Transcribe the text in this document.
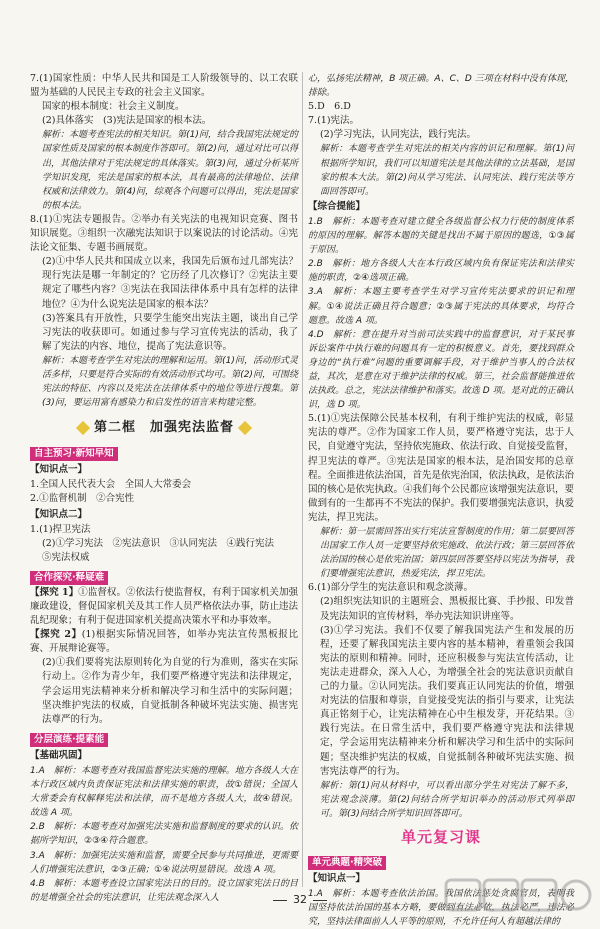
7.(1)国家性质：中华人民共和国是工人阶级领导的、以工农联盟为基础的人民民主专政的社会主义国家。

国家的根本制度：社会主义制度。

(2)具体落实　(3)宪法是国家的根本法。

解析：本题考查宪法的相关知识。第(1)问，结合我国宪法规定的国家性质及国家的根本制度作答即可。第(2)问，通过对比可以得出，其他法律对于宪法规定的具体落实。第(3)问，通过分析某所学知识发现，宪法是国家的根本法，具有最高的法律地位、法律权威和法律效力。第(4)问，综观各个问题可以得出，宪法是国家的根本法。

8.(1)①宪法专题报告。②举办有关宪法的电视知识竞赛、图书知识展览。③组织一次融宪法知识于以案说法的讨论活动。④宪法论文征集、专题书画展览。

(2)①中华人民共和国成立以来，我国先后颁布过几部宪法？现行宪法是哪一年制定的？它历经了几次修订？②宪法主要规定了哪些内容？③宪法在我国法律体系中具有怎样的法律地位？④为什么说宪法是国家的根本法？

(3)答案具有开放性，只要学生能突出宪法主题，谈出自己学习宪法的收获即可。如通过参与学习宣传宪法的活动，我了解了宪法的内容、地位，提高了宪法意识等。

解析：本题考查学生对宪法的理解和运用。第(1)问，活动形式灵活多样，只要是符合实际的有效活动形式均可。第(2)问，可围绕宪法的特征、内容以及宪法在法律体系中的地位等进行搜集。第(3)问，要运用富有感染力和启发性的语言来构建完整。

第二框　加强宪法监督
自主预习·新知早知

【知识点一】

1.全国人民代表大会　全国人大常委会

2.①监督机制　②合宪性

【知识点二】

1.(1)捍卫宪法

(2)①学习宪法　②宪法意识　③认同宪法　④践行宪法

⑤宪法权威

合作探究·释疑难

【探究 1】①监督权。②依法行使监督权，有利于国家机关加强廉政建设，督促国家机关及其工作人员严格依法办事，防止违法乱纪现象；有利于促进国家机关提高决策水平和办事效率。

【探究 2】(1)根据实际情况回答，如举办宪法宣传黑板报比赛、开展辩论赛等。

(2)①我们要将宪法原则转化为自觉的行为准则，落实在实际行动上。②作为青少年，我们要严格遵守宪法和法律规定，学会运用宪法精神来分析和解决学习和生活中的实际问题；坚决维护宪法的权威，自觉抵制各种破坏宪法实施、损害宪法尊严的行为。

分层演练·提素能

【基础巩固】

1.A　解析：本题考查对我国监督宪法实施的理解。地方各级人大在本行政区域内负责保证宪法和法律实施的职责，故①错误；全国人大常委会有权解释宪法和法律，而不是地方各级人大，故④错误。故选 A 项。

2.B　解析：本题考查对加强宪法实施和监督制度的要求的认识。依据所学知识，②③④符合题意。

3.A　解析：加强宪法实施和监督，需要全民参与共同推进，更需要人们增强宪法意识，②③正确；①④说法明显错误。故选 A 项。

4.B　解析：本题考查设立国家宪法日的目的。设立国家宪法日的目的是增强全社会的宪法意识，让宪法观念深入人

心，弘扬宪法精神，B 项正确。A、C、D 三项在材料中没有体现，排除。

5.D　6.D

7.(1)宪法。

(2)学习宪法，认同宪法，践行宪法。

解析：本题考查学生对宪法的相关内容的识记和理解。第(1)问根据所学知识，我们可以知道宪法是其他法律的立法基础，是国家的根本大法。第(2)问从学习宪法、认同宪法、践行宪法等方面回答即可。

【综合提能】

1.B　解析：本题考查对建立健全各级监督公权力行使的制度体系的原因的理解。解答本题的关键是找出不属于原因的题选，①③属于原因。

2.B　解析：地方各级人大在本行政区域内负有保证宪法和法律实施的职责，②④选项正确。

3.A　解析：本题主要考查学生对学习宣传宪法要求的识记和理解。①④说法正确且符合题意；②③属于宪法的具体要求，均符合题意。故选 A 项。

4.D　解析：意在提升对当前司法实践中的监督意识，对于某民事诉讼案件中执行难的问题具有一定的积极意义。首先，要找到群众身边的“执行难”问题的重要调解手段，对于维护当事人的合法权益，其次，是意在对于维护法律的权威。第三，社会监督能推进依法执政。总之，宪法法律维护和落实。故选 D 项。是对此的正确认识，选 D 项。

5.(1)①宪法保障公民基本权利，有利于维护宪法的权威，彰显宪法的尊严。②作为国家工作人员，要严格遵守宪法，忠于人民，自觉遵守宪法，坚持依宪施政、依法行政、自觉接受监督，捍卫宪法的尊严。③宪法是国家的根本法，是治国安邦的总章程。全面推进依法治国，首先是依宪治国，依法执政，是依法治国的核心是依宪执政。④我们每个公民都应该增强宪法意识，要做到有的一生都再不不宪法的保护。我们要增强宪法意识，执爱宪法，捍卫宪法。

解析：第一层需回答出实行宪法宣誓制度的作用；第二层要回答出国家工作人员一定要坚持依宪施政、依法行政；第三层回答依法治国的核心是依宪治国；第四层回答要坚持以宪法为指导，我们要增强宪法意识，热爱宪法，捍卫宪法。

6.(1)部分学生的宪法意识和观念淡薄。

(2)组织宪法知识的主题班会、黑板报比赛、手抄报、印发普及宪法知识的宣传材料，举办宪法知识讲座等。

(3)①学习宪法。我们不仅要了解我国宪法产生和发展的历程，还要了解我国宪法主要内容的基本精神，着重领会我国宪法的原则和精神。同时，还应积极参与宪法宣传活动，让宪法走进群众，深入人心，为增强全社会的宪法意识贡献自己的力量。②认同宪法。我们要真正认同宪法的价值，增强对宪法的信服和尊崇，自觉接受宪法的指引与要求，让宪法真正铭刻于心，让宪法精神在心中生根发芽，开花结果。③践行宪法。在日常生活中，我们要严格遵守宪法和法律规定，学会运用宪法精神来分析和解决学习和生活中的实际问题；坚决维护宪法的权威，自觉抵制各种破坏宪法实施、损害宪法尊严的行为。

解析：第(1)问从材料中，可以看出部分学生对宪法了解不多，宪法观念淡薄。第(2)问结合所学知识举办的活动形式列举即可。第(3)问结合所学知识回答即可。

单元复习课
单元典题·精突破

【知识点一】

1.A　解析：本题考查依法治国。我国依法惩处贪腐官员，表明我国坚持依法治国的基本方略，要做到有法必依，执法必严，违法必究，坚持法律面前人人平等的原则，不允许任何人有超越法律的

32
